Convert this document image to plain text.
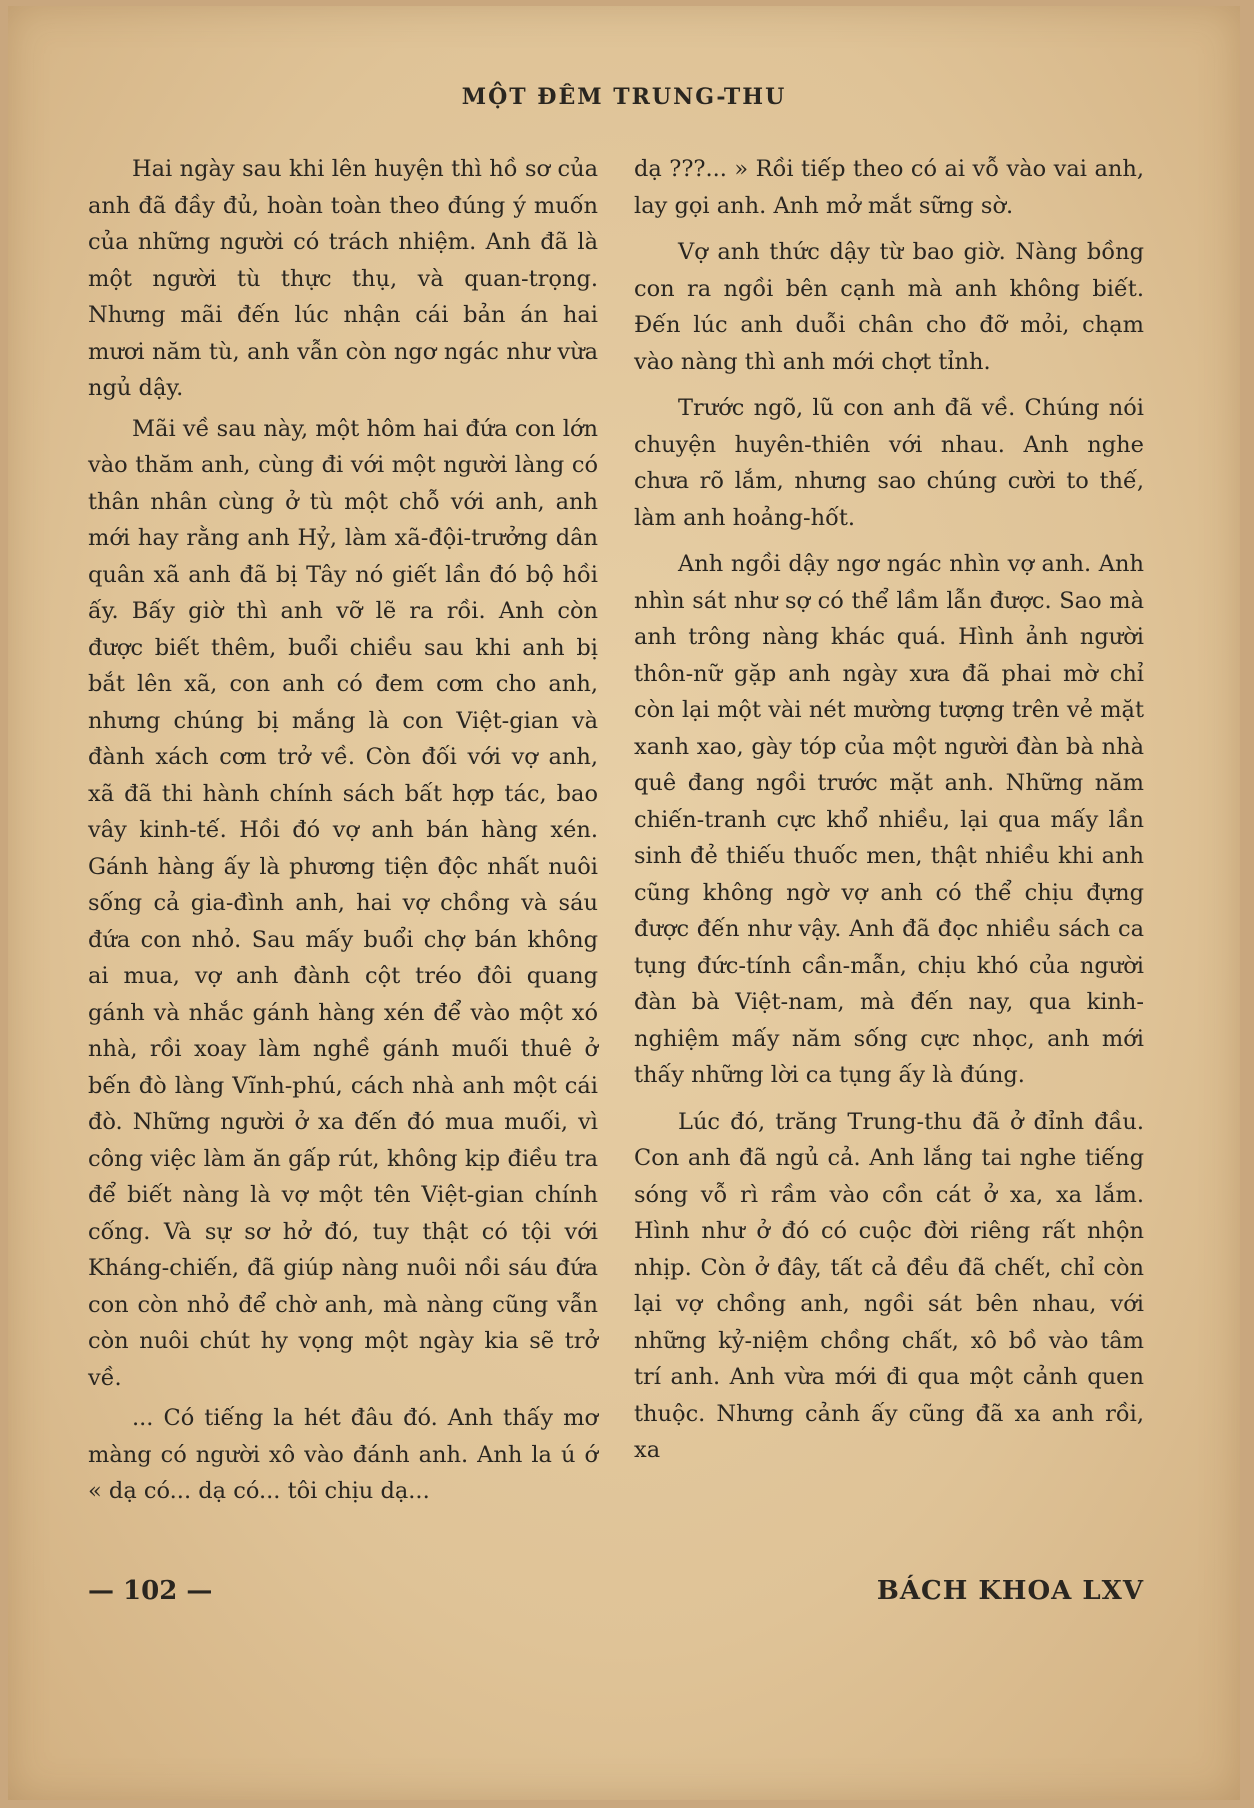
MỘT ĐÊM TRUNG-THU

Hai ngày sau khi lên huyện thì hồ sơ của anh đã đầy đủ, hoàn toàn theo đúng ý muốn của những người có trách nhiệm. Anh đã là một người tù thực thụ, và quan-trọng. Nhưng mãi đến lúc nhận cái bản án hai mươi năm tù, anh vẫn còn ngơ ngác như vừa ngủ dậy.

Mãi về sau này, một hôm hai đứa con lớn vào thăm anh, cùng đi với một người làng có thân nhân cùng ở tù một chỗ với anh, anh mới hay rằng anh Hỷ, làm xã-đội-trưởng dân quân xã anh đã bị Tây nó giết lần đó bộ hồi ấy. Bấy giờ thì anh vỡ lẽ ra rồi. Anh còn được biết thêm, buổi chiều sau khi anh bị bắt lên xã, con anh có đem cơm cho anh, nhưng chúng bị mắng là con Việt-gian và đành xách cơm trở về. Còn đối với vợ anh, xã đã thi hành chính sách bất hợp tác, bao vây kinh-tế. Hồi đó vợ anh bán hàng xén. Gánh hàng ấy là phương tiện độc nhất nuôi sống cả gia-đình anh, hai vợ chồng và sáu đứa con nhỏ. Sau mấy buổi chợ bán không ai mua, vợ anh đành cột tréo đôi quang gánh và nhắc gánh hàng xén để vào một xó nhà, rồi xoay làm nghề gánh muối thuê ở bến đò làng Vĩnh-phú, cách nhà anh một cái đò. Những người ở xa đến đó mua muối, vì công việc làm ăn gấp rút, không kịp điều tra để biết nàng là vợ một tên Việt-gian chính cống. Và sự sơ hở đó, tuy thật có tội với Kháng-chiến, đã giúp nàng nuôi nồi sáu đứa con còn nhỏ để chờ anh, mà nàng cũng vẫn còn nuôi chút hy vọng một ngày kia sẽ trở về.

... Có tiếng la hét đâu đó. Anh thấy mơ màng có người xô vào đánh anh. Anh la ú ớ « dạ có... dạ có... tôi chịu dạ...

dạ ???... » Rồi tiếp theo có ai vỗ vào vai anh, lay gọi anh. Anh mở mắt sững sờ.

Vợ anh thức dậy từ bao giờ. Nàng bồng con ra ngồi bên cạnh mà anh không biết. Đến lúc anh duỗi chân cho đỡ mỏi, chạm vào nàng thì anh mới chợt tỉnh.

Trước ngõ, lũ con anh đã về. Chúng nói chuyện huyên-thiên với nhau. Anh nghe chưa rõ lắm, nhưng sao chúng cười to thế, làm anh hoảng-hốt.

Anh ngồi dậy ngơ ngác nhìn vợ anh. Anh nhìn sát như sợ có thể lầm lẫn được. Sao mà anh trông nàng khác quá. Hình ảnh người thôn-nữ gặp anh ngày xưa đã phai mờ chỉ còn lại một vài nét mường tượng trên vẻ mặt xanh xao, gày tóp của một người đàn bà nhà quê đang ngồi trước mặt anh. Những năm chiến-tranh cực khổ nhiều, lại qua mấy lần sinh đẻ thiếu thuốc men, thật nhiều khi anh cũng không ngờ vợ anh có thể chịu đựng được đến như vậy. Anh đã đọc nhiều sách ca tụng đức-tính cần-mẫn, chịu khó của người đàn bà Việt-nam, mà đến nay, qua kinh-nghiệm mấy năm sống cực nhọc, anh mới thấy những lời ca tụng ấy là đúng.

Lúc đó, trăng Trung-thu đã ở đỉnh đầu. Con anh đã ngủ cả. Anh lắng tai nghe tiếng sóng vỗ rì rầm vào cồn cát ở xa, xa lắm. Hình như ở đó có cuộc đời riêng rất nhộn nhịp. Còn ở đây, tất cả đều đã chết, chỉ còn lại vợ chồng anh, ngồi sát bên nhau, với những kỷ-niệm chồng chất, xô bồ vào tâm trí anh. Anh vừa mới đi qua một cảnh quen thuộc. Nhưng cảnh ấy cũng đã xa anh rồi, xa

— 102 —	BÁCH KHOA LXV
